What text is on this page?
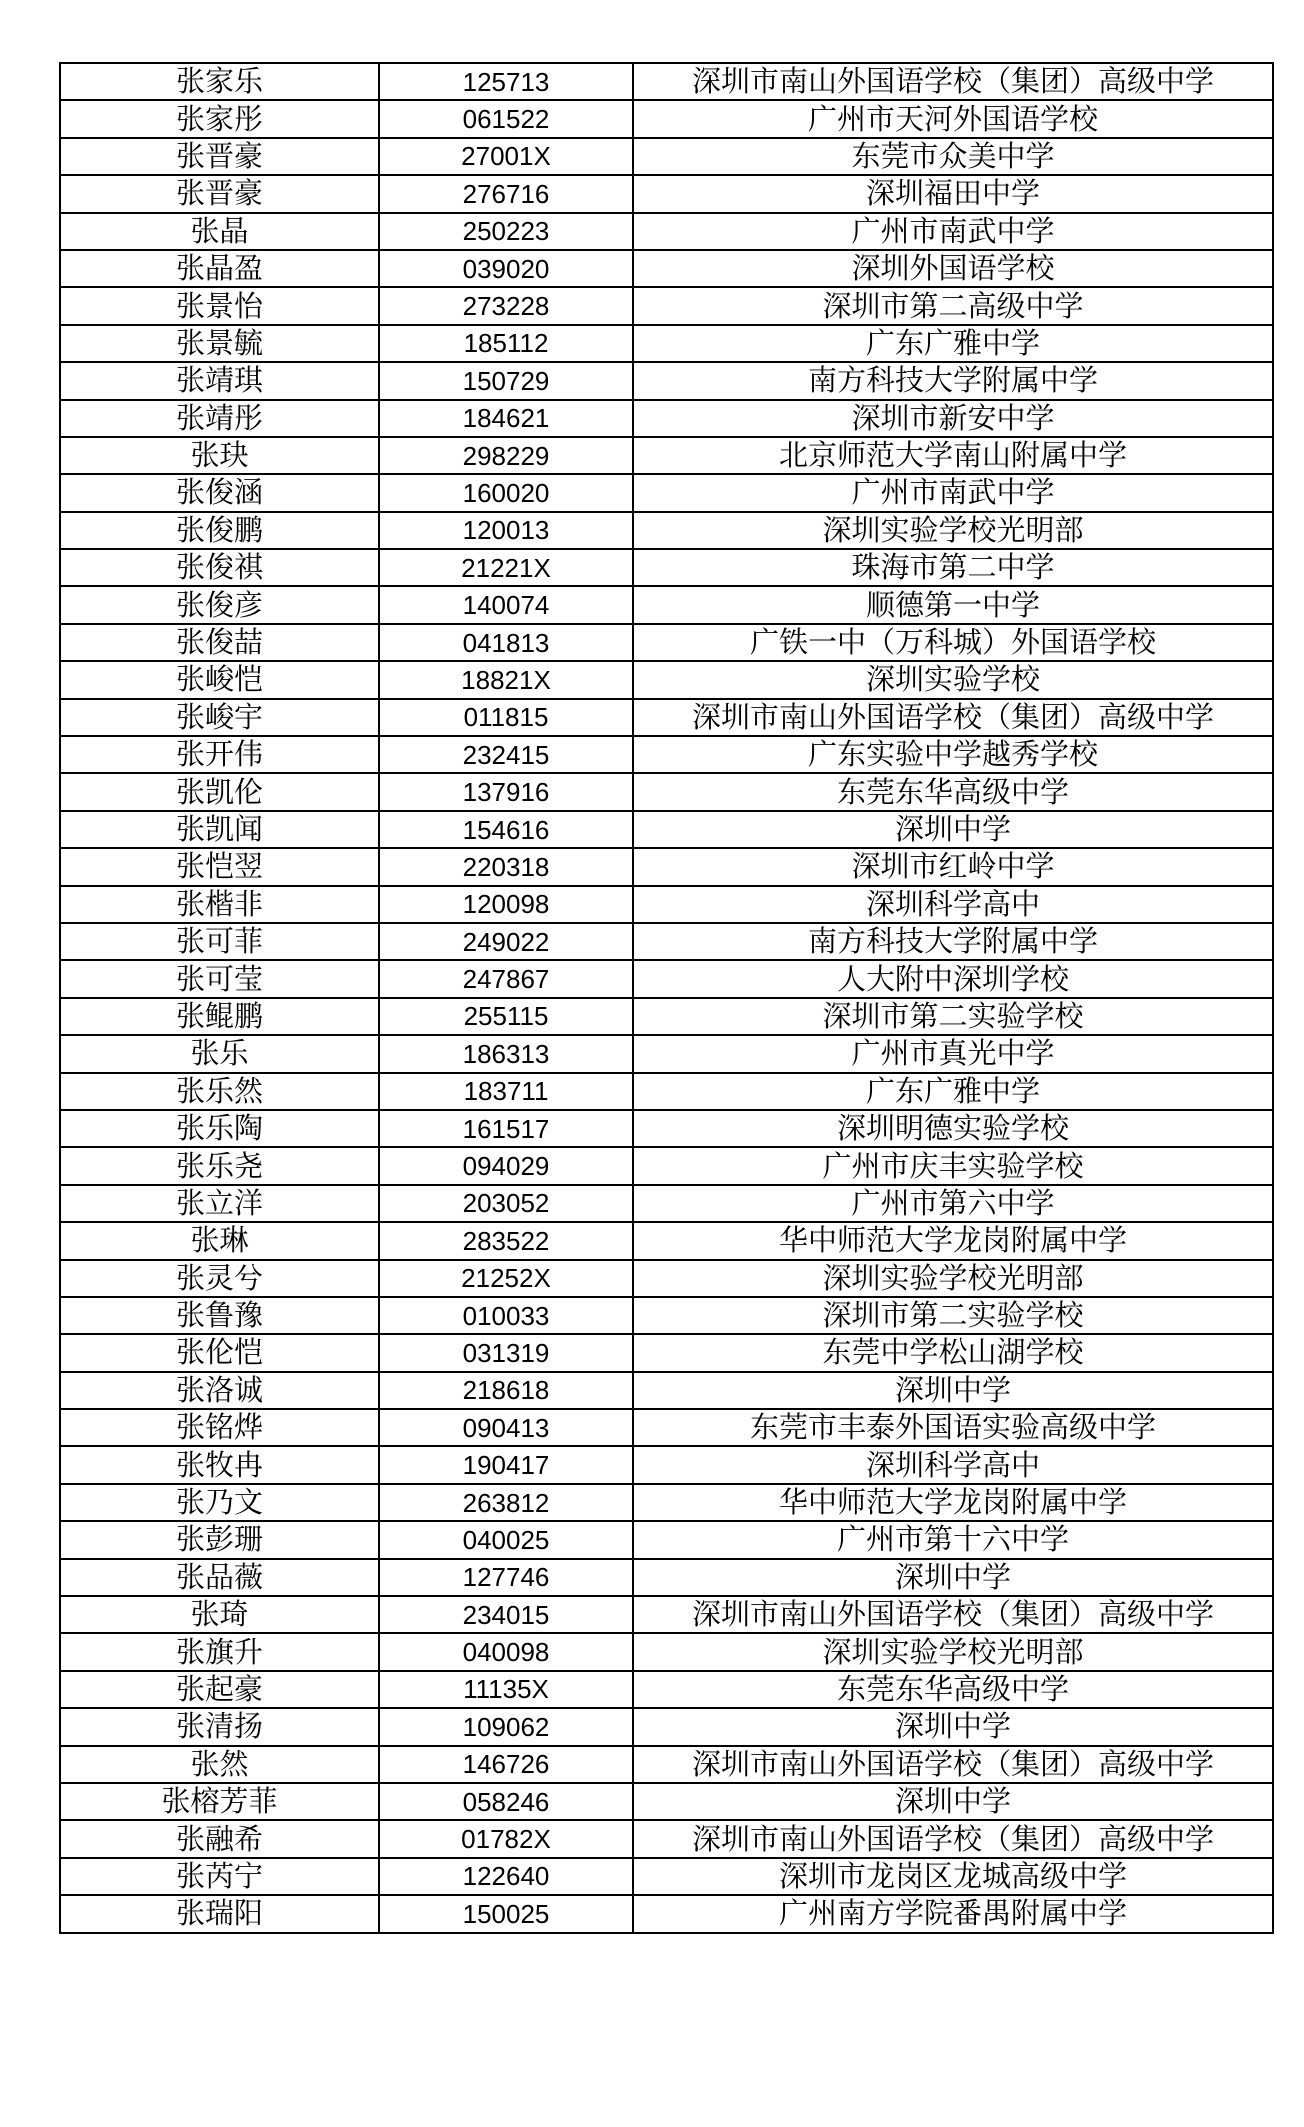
张家乐	125713	深圳市南山外国语学校（集团）高级中学
张家彤	061522	广州市天河外国语学校
张晋豪	27001X	东莞市众美中学
张晋豪	276716	深圳福田中学
张晶	250223	广州市南武中学
张晶盈	039020	深圳外国语学校
张景怡	273228	深圳市第二高级中学
张景毓	185112	广东广雅中学
张靖琪	150729	南方科技大学附属中学
张靖彤	184621	深圳市新安中学
张玦	298229	北京师范大学南山附属中学
张俊涵	160020	广州市南武中学
张俊鹏	120013	深圳实验学校光明部
张俊祺	21221X	珠海市第二中学
张俊彦	140074	顺德第一中学
张俊喆	041813	广铁一中（万科城）外国语学校
张峻恺	18821X	深圳实验学校
张峻宇	011815	深圳市南山外国语学校（集团）高级中学
张开伟	232415	广东实验中学越秀学校
张凯伦	137916	东莞东华高级中学
张凯闻	154616	深圳中学
张恺翌	220318	深圳市红岭中学
张楷非	120098	深圳科学高中
张可菲	249022	南方科技大学附属中学
张可莹	247867	人大附中深圳学校
张鲲鹏	255115	深圳市第二实验学校
张乐	186313	广州市真光中学
张乐然	183711	广东广雅中学
张乐陶	161517	深圳明德实验学校
张乐尧	094029	广州市庆丰实验学校
张立洋	203052	广州市第六中学
张琳	283522	华中师范大学龙岗附属中学
张灵兮	21252X	深圳实验学校光明部
张鲁豫	010033	深圳市第二实验学校
张伦恺	031319	东莞中学松山湖学校
张洛诚	218618	深圳中学
张铭烨	090413	东莞市丰泰外国语实验高级中学
张牧冉	190417	深圳科学高中
张乃文	263812	华中师范大学龙岗附属中学
张彭珊	040025	广州市第十六中学
张品薇	127746	深圳中学
张琦	234015	深圳市南山外国语学校（集团）高级中学
张旗升	040098	深圳实验学校光明部
张起豪	11135X	东莞东华高级中学
张清扬	109062	深圳中学
张然	146726	深圳市南山外国语学校（集团）高级中学
张榕芳菲	058246	深圳中学
张融希	01782X	深圳市南山外国语学校（集团）高级中学
张芮宁	122640	深圳市龙岗区龙城高级中学
张瑞阳	150025	广州南方学院番禺附属中学
